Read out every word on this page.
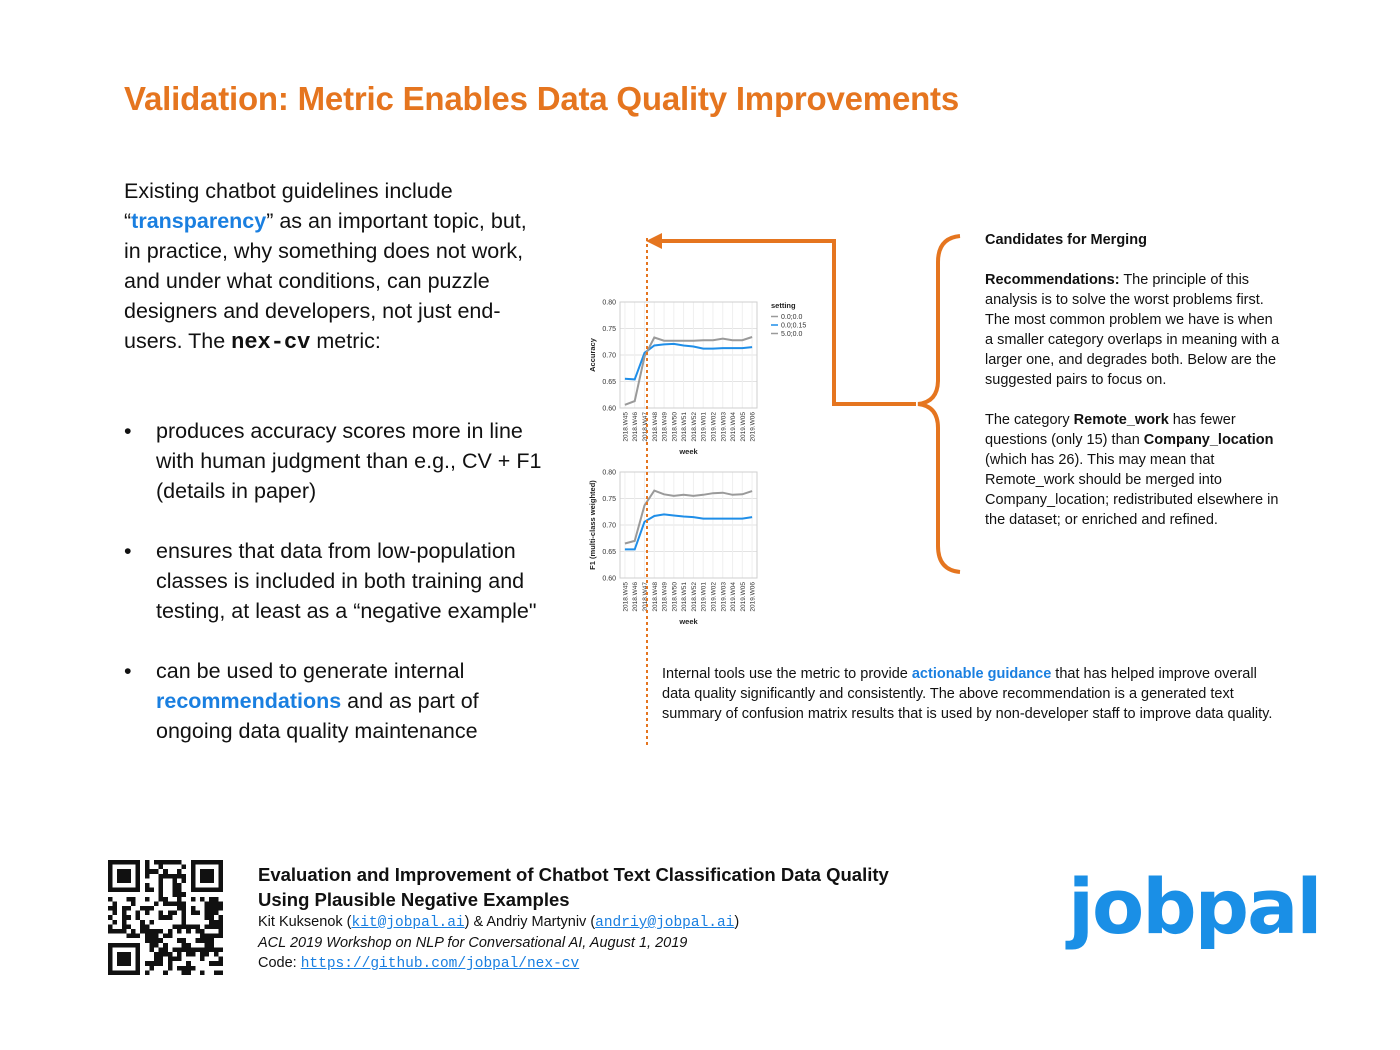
Validation: Metric Enables Data Quality Improvements

Existing chatbot guidelines include
“transparency” as an important topic, but, in practice, why something does not work, and under what conditions, can puzzle designers and developers, not just end-users. The nex-cv metric:

• produces accuracy scores more in line with human judgment than e.g., CV + F1 (details in paper)
• ensures that data from low-population classes is included in both training and testing, at least as a “negative example"
• can be used to generate internal recommendations and as part of ongoing data quality maintenance
0.80
0.75
0.70
0.65
0.60
2018.W45 2018.W46 2018.W47 2018.W48 2018.W49 2018.W50 2018.W51 2018.W52 2019.W01 2019.W02 2019.W03 2019.W04 2019.W05 2019.W06
week
Accuracy
setting
0.0;0.0
0.0;0.15
5.0;0.0
0.80
0.75
0.70
0.65
0.60
2018.W45 2018.W46 2018.W47 2018.W48 2018.W49 2018.W50 2018.W51 2018.W52 2019.W01 2019.W02 2019.W03 2019.W04 2019.W05 2019.W06
week
F1 (multi-class weighted)

Candidates for Merging

Recommendations: The principle of this analysis is to solve the worst problems first. The most common problem we have is when a smaller category overlaps in meaning with a larger one, and degrades both. Below are the suggested pairs to focus on.

The category Remote_work has fewer questions (only 15) than Company_location (which has 26). This may mean that Remote_work should be merged into Company_location; redistributed elsewhere in the dataset; or enriched and refined.

Internal tools use the metric to provide actionable guidance that has helped improve overall data quality significantly and consistently. The above recommendation is a generated text summary of confusion matrix results that is used by non-developer staff to improve data quality.

Evaluation and Improvement of Chatbot Text Classification Data Quality
Using Plausible Negative Examples
Kit Kuksenok (kit@jobpal.ai) & Andriy Martyniv (andriy@jobpal.ai)
ACL 2019 Workshop on NLP for Conversational AI, August 1, 2019
Code: https://github.com/jobpal/nex-cv
jobpal
